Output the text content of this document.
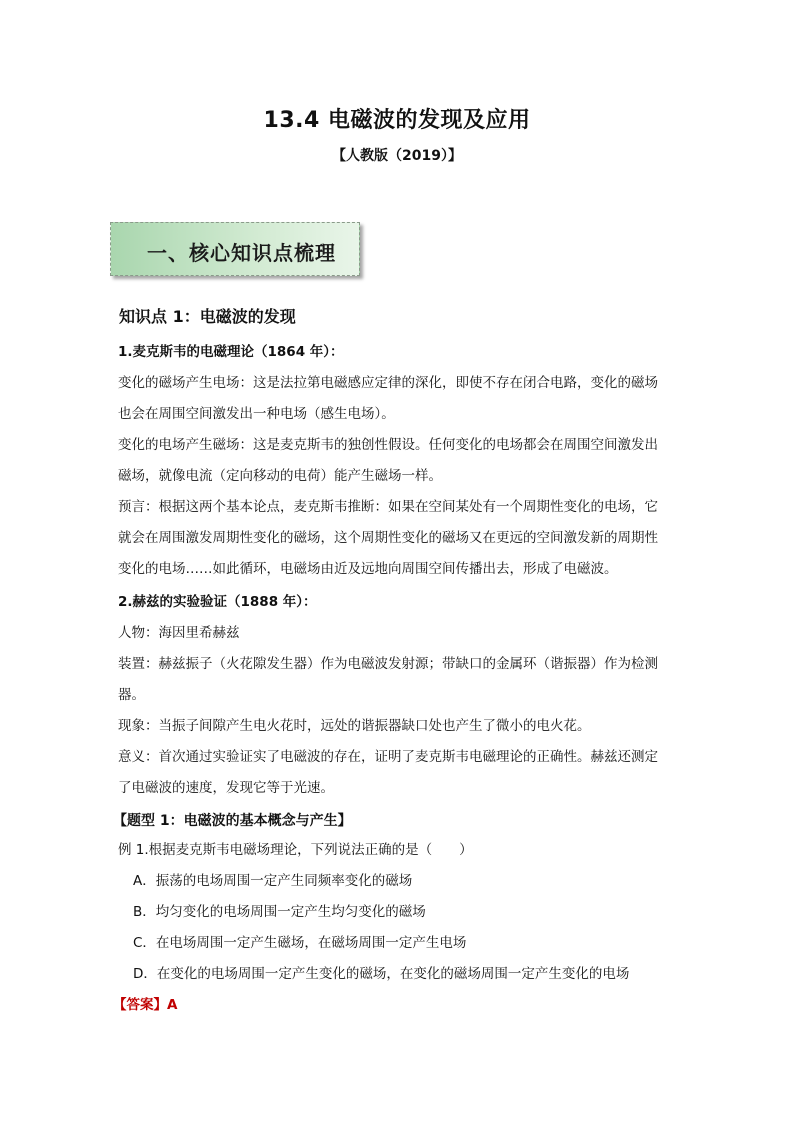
13.4 电磁波的发现及应用
【人教版（2019）】
一、核心知识点梳理
知识点 1：电磁波的发现
1.麦克斯韦的电磁理论（1864 年）：
变化的磁场产生电场：这是法拉第电磁感应定律的深化，即使不存在闭合电路，变化的磁场
也会在周围空间激发出一种电场（感生电场）。
变化的电场产生磁场：这是麦克斯韦的独创性假设。任何变化的电场都会在周围空间激发出
磁场，就像电流（定向移动的电荷）能产生磁场一样。
预言：根据这两个基本论点，麦克斯韦推断：如果在空间某处有一个周期性变化的电场，它
就会在周围激发周期性变化的磁场，这个周期性变化的磁场又在更远的空间激发新的周期性
变化的电场……如此循环，电磁场由近及远地向周围空间传播出去，形成了电磁波。
2.赫兹的实验验证（1888 年）：
人物：海因里希赫兹
装置：赫兹振子（火花隙发生器）作为电磁波发射源；带缺口的金属环（谐振器）作为检测
器。
现象：当振子间隙产生电火花时，远处的谐振器缺口处也产生了微小的电火花。
意义：首次通过实验证实了电磁波的存在，证明了麦克斯韦电磁理论的正确性。赫兹还测定
了电磁波的速度，发现它等于光速。
【题型 1：电磁波的基本概念与产生】
例 1.根据麦克斯韦电磁场理论，下列说法正确的是（　　）
A．振荡的电场周围一定产生同频率变化的磁场
B．均匀变化的电场周围一定产生均匀变化的磁场
C．在电场周围一定产生磁场，在磁场周围一定产生电场
D．在变化的电场周围一定产生变化的磁场，在变化的磁场周围一定产生变化的电场
【答案】A
